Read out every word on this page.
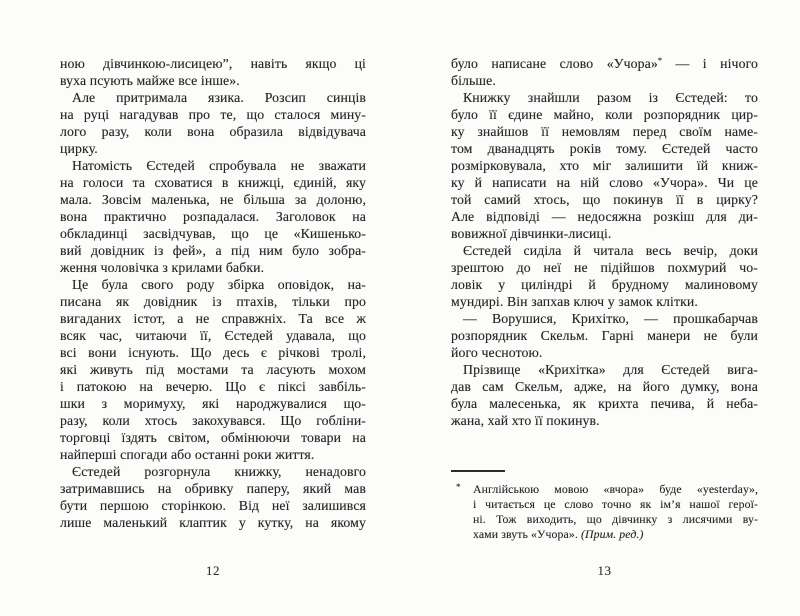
ною дівчинкою-лисицею”, навіть якщо ці
вуха псують майже все інше».
Але притримала язика. Розсип синців
на руці нагадував про те, що сталося мину-
лого разу, коли вона образила відвідувача
цирку.
Натомість Єстедей спробувала не зважати
на голоси та сховатися в книжці, єдиній, яку
мала. Зовсім маленька, не більша за долоню,
вона практично розпадалася. Заголовок на
обкладинці засвідчував, що це «Кишенько-
вий довідник із фей», а під ним було зобра-
ження чоловічка з крилами бабки.
Це була свого роду збірка оповідок, на-
писана як довідник із птахів, тільки про
вигаданих істот, а не справжніх. Та все ж
всяк час, читаючи її, Єстедей удавала, що
всі вони існують. Що десь є річкові тролі,
які живуть під мостами та ласують мохом
і патокою на вечерю. Що є піксі завбіль-
шки з моримуху, які народжувалися що-
разу, коли хтось закохувався. Що гобліни-
торговці їздять світом, обмінюючи товари на
найперші спогади або останні роки життя.
Єстедей розгорнула книжку, ненадовго
затримавшись на обривку паперу, який мав
бути першою сторінкою. Від неї залишився
лише маленький клаптик у кутку, на якому
було написане слово «Учора»* — і нічого
більше.
Книжку знайшли разом із Єстедей: то
було її єдине майно, коли розпорядник цир-
ку знайшов її немовлям перед своїм наме-
том дванадцять років тому. Єстедей часто
розмірковувала, хто міг залишити їй книж-
ку й написати на ній слово «Учора». Чи це
той самий хтось, що покинув її в цирку?
Але відповіді — недосяжна розкіш для ди-
вовижної дівчинки-лисиці.
Єстедей сиділа й читала весь вечір, доки
зрештою до неї не підійшов похмурий чо-
ловік у циліндрі й брудному малиновому
мундирі. Він запхав ключ у замок клітки.
— Ворушися, Крихітко, — прошкабарчав
розпорядник Скельм. Гарні манери не були
його чеснотою.
Прізвище «Крихітка» для Єстедей вига-
дав сам Скельм, адже, на його думку, вона
була малесенька, як крихта печива, й неба-
жана, хай хто її покинув.
* Англійською мовою «вчора» буде «yesterday»,
і читається це слово точно як ім’я нашої герої-
ні. Тож виходить, що дівчинку з лисячими ву-
хами звуть «Учора». (Прим. ред.)
12	13
